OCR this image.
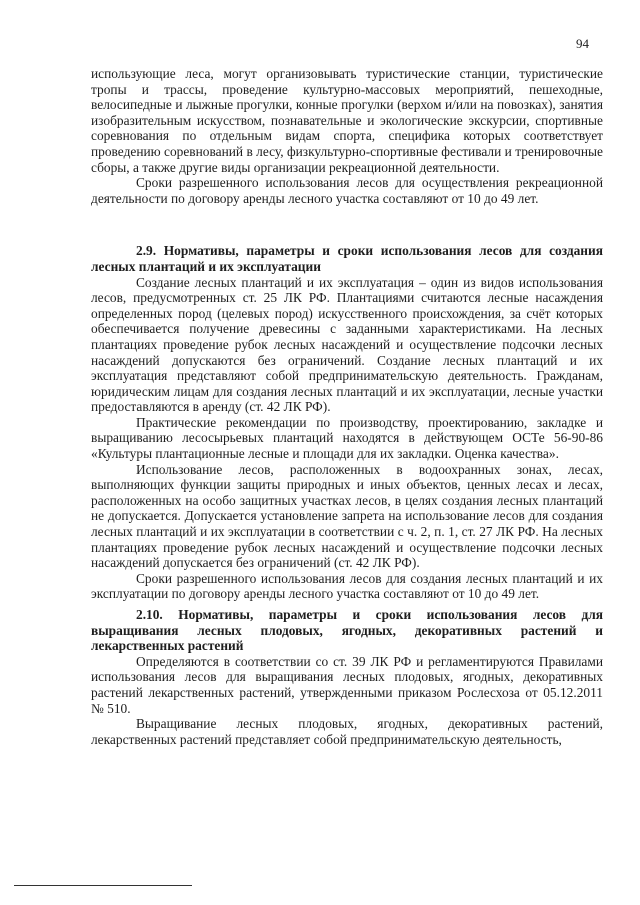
94

использующие леса, могут организовывать туристические станции, туристические тропы и трассы, проведение культурно-массовых мероприятий, пешеходные, велосипедные и лыжные прогулки, конные прогулки (верхом и/или на повозках), занятия изобразительным искусством, познавательные и экологические экскурсии, спортивные соревнования по отдельным видам спорта, специфика которых соответствует проведению соревнований в лесу, физкультурно-спортивные фестивали и тренировочные сборы, а также другие виды организации рекреационной деятельности.

Сроки разрешенного использования лесов для осуществления рекреационной деятельности по договору аренды лесного участка составляют от 10 до 49 лет.

2.9. Нормативы, параметры и сроки использования лесов для создания лесных плантаций и их эксплуатации

Создание лесных плантаций и их эксплуатация – один из видов использования лесов, предусмотренных ст. 25 ЛК РФ. Плантациями считаются лесные насаждения определенных пород (целевых пород) искусственного происхождения, за счёт которых обеспечивается получение древесины с заданными характеристиками. На лесных плантациях проведение рубок лесных насаждений и осуществление подсочки лесных насаждений допускаются без ограничений. Создание лесных плантаций и их эксплуатация представляют собой предпринимательскую деятельность. Гражданам, юридическим лицам для создания лесных плантаций и их эксплуатации, лесные участки предоставляются в аренду (ст. 42 ЛК РФ).

Практические рекомендации по производству, проектированию, закладке и выращиванию лесосырьевых плантаций находятся в действующем ОСТе 56-90-86 «Культуры плантационные лесные и площади для их закладки. Оценка качества».

Использование лесов, расположенных в водоохранных зонах, лесах, выполняющих функции защиты природных и иных объектов, ценных лесах и лесах, расположенных на особо защитных участках лесов, в целях создания лесных плантаций не допускается. Допускается установление запрета на использование лесов для создания лесных плантаций и их эксплуатации в соответствии с ч. 2, п. 1, ст. 27 ЛК РФ. На лесных плантациях проведение рубок лесных насаждений и осуществление подсочки лесных насаждений допускается без ограничений (ст. 42 ЛК РФ).

Сроки разрешенного использования лесов для создания лесных плантаций и их эксплуатации по договору аренды лесного участка составляют от 10 до 49 лет.

2.10. Нормативы, параметры и сроки использования лесов для выращивания лесных плодовых, ягодных, декоративных растений и лекарственных растений

Определяются в соответствии со ст. 39 ЛК РФ и регламентируются Правилами использования лесов для выращивания лесных плодовых, ягодных, декоративных растений лекарственных растений, утвержденными приказом Рослесхоза от 05.12.2011 № 510.

Выращивание лесных плодовых, ягодных, декоративных растений, лекарственных растений представляет собой предпринимательскую деятельность,
